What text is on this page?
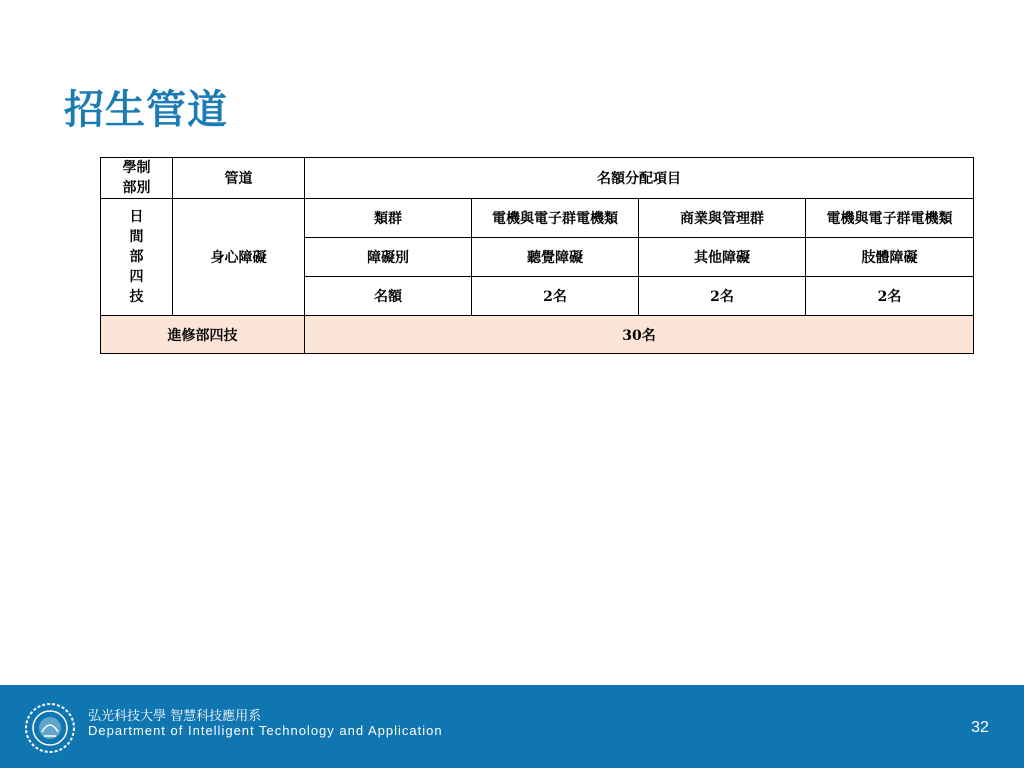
招生管道
學制
部別	管道	名額分配項目			
日
間
部
四
技	身心障礙	類群	電機與電子群電機類	商業與管理群	電機與電子群電機類
		障礙別	聽覺障礙	其他障礙	肢體障礙
		名額	2名	2名	2名
進修部四技		30名			
弘光科技大學 智慧科技應用系
Department of Intelligent Technology and Application	32
